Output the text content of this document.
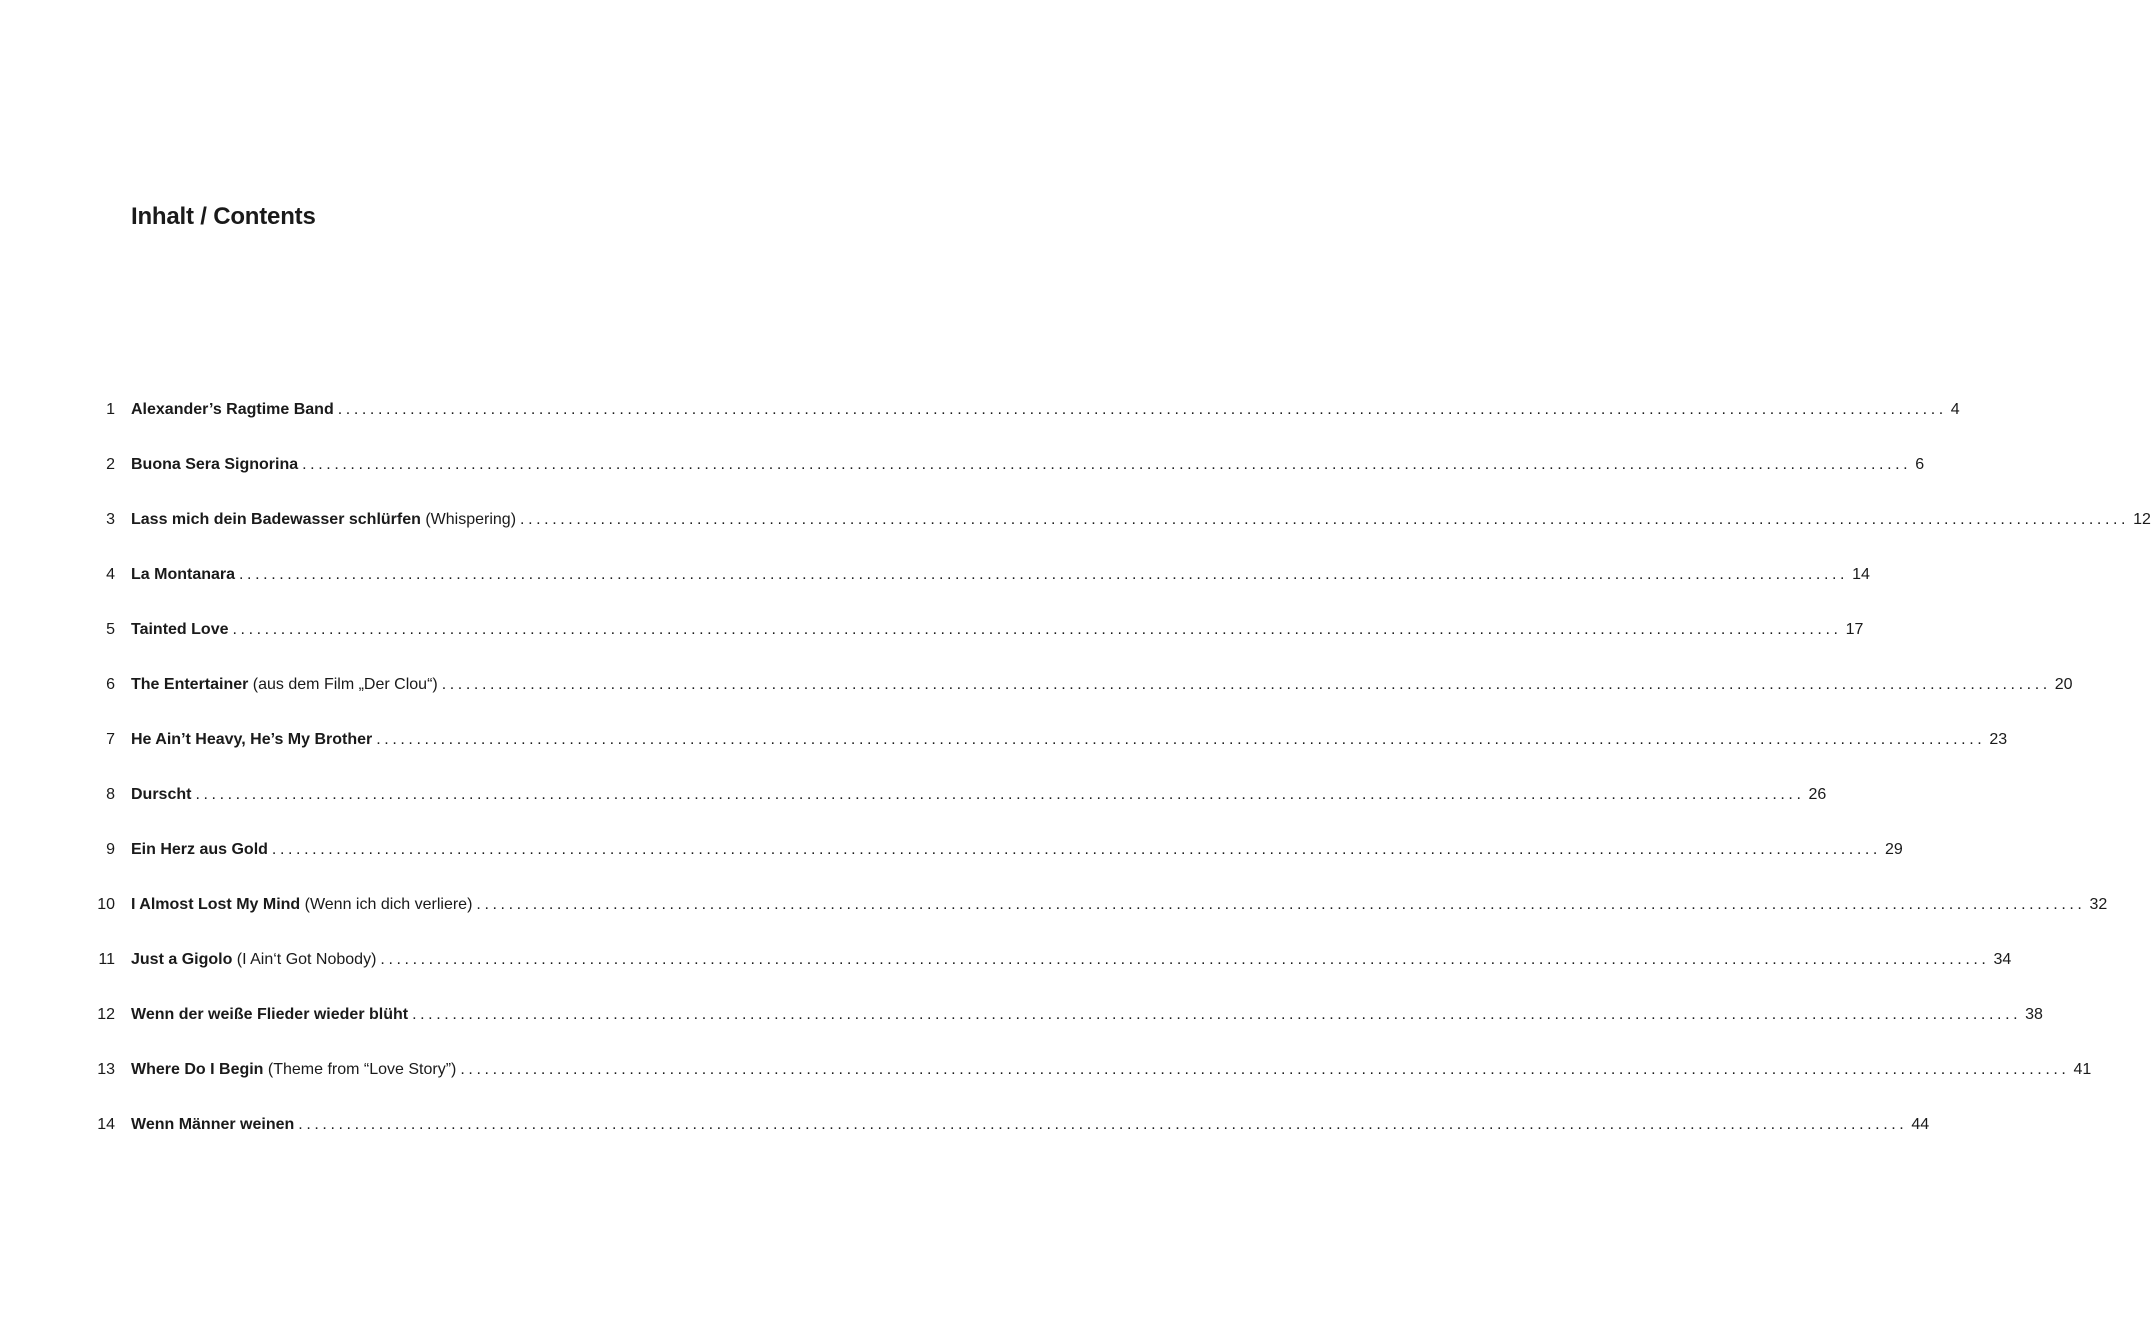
Inhalt / Contents
1	Alexander’s Ragtime Band ........................................................................................................................................................................................................ 4
2	Buona Sera Signorina ........................................................................................................................................................................................................ 6
3	Lass mich dein Badewasser schlürfen (Whispering) ........................................................................................................................................................................................................ 12
4	La Montanara ........................................................................................................................................................................................................ 14
5	Tainted Love ........................................................................................................................................................................................................ 17
6	The Entertainer (aus dem Film „Der Clou“) ........................................................................................................................................................................................................ 20
7	He Ain’t Heavy, He’s My Brother ........................................................................................................................................................................................................ 23
8	Durscht ........................................................................................................................................................................................................ 26
9	Ein Herz aus Gold ........................................................................................................................................................................................................ 29
10	I Almost Lost My Mind (Wenn ich dich verliere) ........................................................................................................................................................................................................ 32
11	Just a Gigolo (I Ain‘t Got Nobody) ........................................................................................................................................................................................................ 34
12	Wenn der weiße Flieder wieder blüht ........................................................................................................................................................................................................ 38
13	Where Do I Begin (Theme from “Love Story”) ........................................................................................................................................................................................................ 41
14	Wenn Männer weinen ........................................................................................................................................................................................................ 44
